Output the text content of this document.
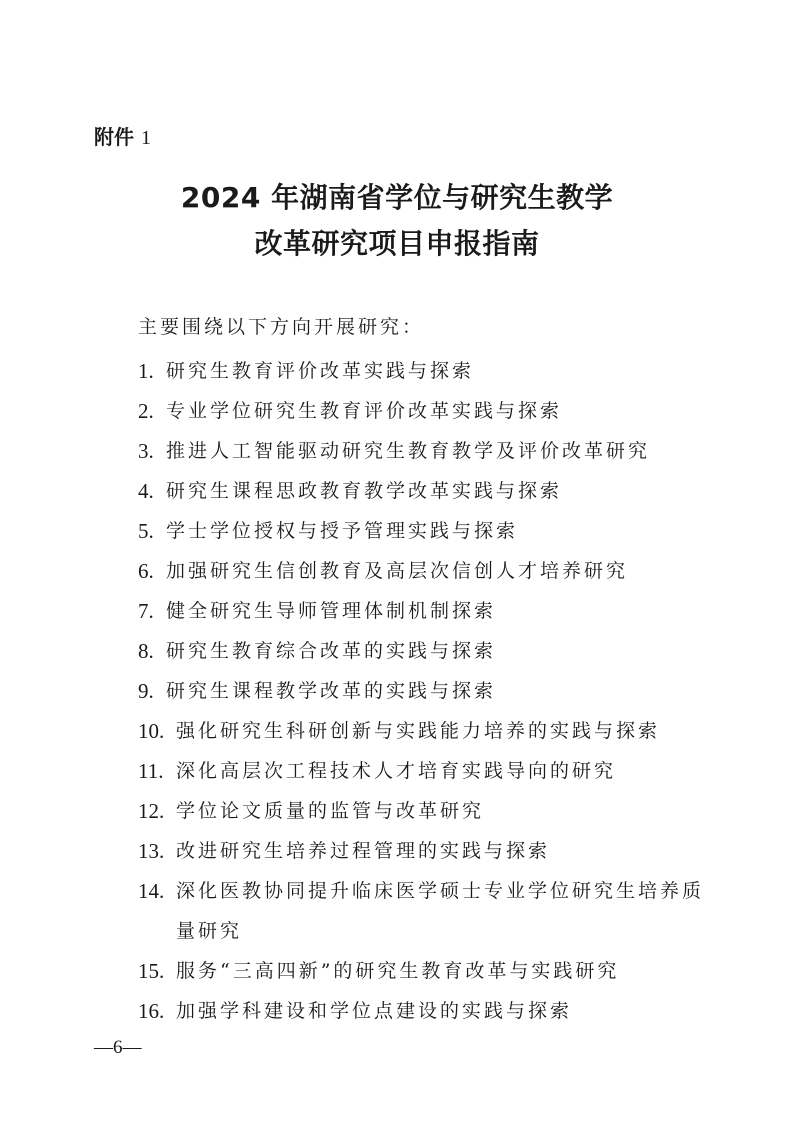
附件 1
2024 年湖南省学位与研究生教学
改革研究项目申报指南
主要围绕以下方向开展研究：
1. 研究生教育评价改革实践与探索
2. 专业学位研究生教育评价改革实践与探索
3. 推进人工智能驱动研究生教育教学及评价改革研究
4. 研究生课程思政教育教学改革实践与探索
5. 学士学位授权与授予管理实践与探索
6. 加强研究生信创教育及高层次信创人才培养研究
7. 健全研究生导师管理体制机制探索
8. 研究生教育综合改革的实践与探索
9. 研究生课程教学改革的实践与探索
10. 强化研究生科研创新与实践能力培养的实践与探索
11. 深化高层次工程技术人才培育实践导向的研究
12. 学位论文质量的监管与改革研究
13. 改进研究生培养过程管理的实践与探索
14. 深化医教协同提升临床医学硕士专业学位研究生培养质量研究
15. 服务“三高四新”的研究生教育改革与实践研究
16. 加强学科建设和学位点建设的实践与探索
—6—
